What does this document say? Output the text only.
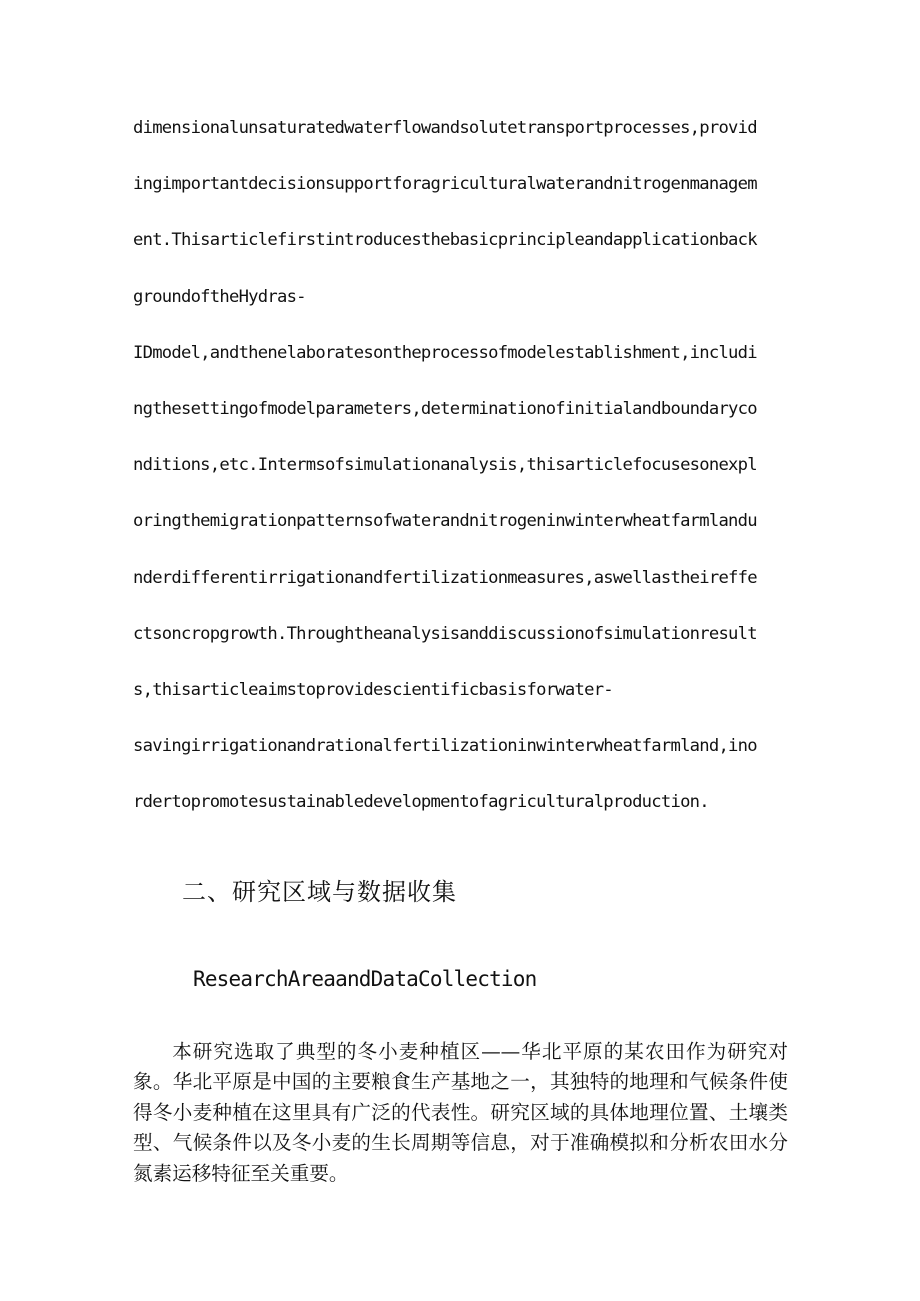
dimensionalunsaturatedwaterflowandsolutetransportprocesses,provid
ingimportantdecisionsupportforagriculturalwaterandnitrogenmanagem
ent.Thisarticlefirstintroducesthebasicprincipleandapplicationback
groundoftheHydras-
IDmodel,andthenelaboratesontheprocessofmodelestablishment,includi
ngthesettingofmodelparameters,determinationofinitialandboundaryco
nditions,etc.Intermsofsimulationanalysis,thisarticlefocusesonexpl
oringthemigrationpatternsofwaterandnitrogeninwinterwheatfarmlandu
nderdifferentirrigationandfertilizationmeasures,aswellastheireffe
ctsoncropgrowth.Throughtheanalysisanddiscussionofsimulationresult
s,thisarticleaimstoprovidescientificbasisforwater-
savingirrigationandrationalfertilizationinwinterwheatfarmland,ino
rdertopromotesustainabledevelopmentofagriculturalproduction.
二、研究区域与数据收集
ResearchAreaandDataCollection

本研究选取了典型的冬小麦种植区——华北平原的某农田作为研究对象。华北平原是中国的主要粮食生产基地之一，其独特的地理和气候条件使得冬小麦种植在这里具有广泛的代表性。研究区域的具体地理位置、土壤类型、气候条件以及冬小麦的生长周期等信息，对于准确模拟和分析农田水分氮素运移特征至关重要。
